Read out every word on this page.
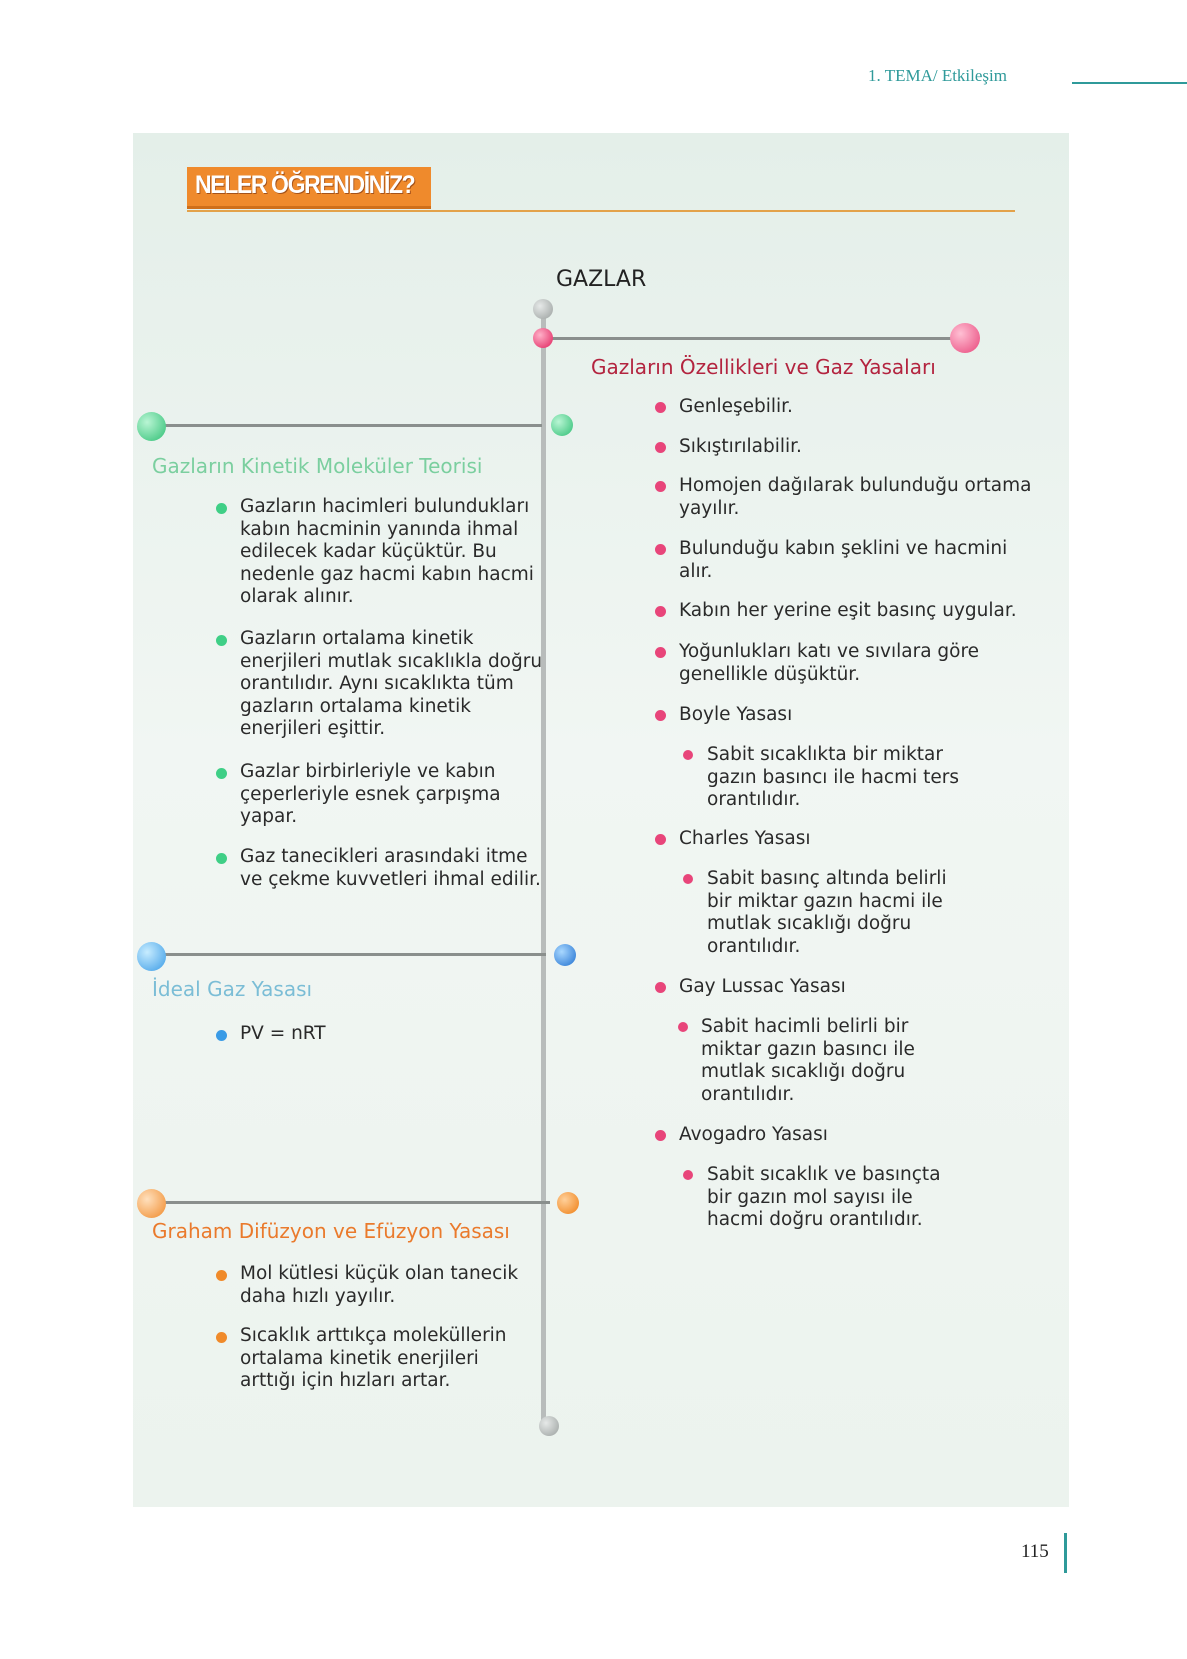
1. TEMA/ Etkileşim
NELER ÖĞRENDİNİZ?
GAZLAR
Gazların Özellikleri ve Gaz Yasaları
Genleşebilir.
Sıkıştırılabilir.
Homojen dağılarak bulunduğu ortama yayılır.
Bulunduğu kabın şeklini ve hacmini alır.
Kabın her yerine eşit basınç uygular.
Yoğunlukları katı ve sıvılara göre genellikle düşüktür.
Boyle Yasası
Sabit sıcaklıkta bir miktar gazın basıncı ile hacmi ters orantılıdır.
Charles Yasası
Sabit basınç altında belirli bir miktar gazın hacmi ile mutlak sıcaklığı doğru orantılıdır.
Gay Lussac Yasası
Sabit hacimli belirli bir miktar gazın basıncı ile mutlak sıcaklığı doğru orantılıdır.
Avogadro Yasası
Sabit sıcaklık ve basınçta bir gazın mol sayısı ile hacmi doğru orantılıdır.
Gazların Kinetik Moleküler Teorisi
Gazların hacimleri bulundukları kabın hacminin yanında ihmal edilecek kadar küçüktür. Bu nedenle gaz hacmi kabın hacmi olarak alınır.
Gazların ortalama kinetik enerjileri mutlak sıcaklıkla doğru orantılıdır. Aynı sıcaklıkta tüm gazların ortalama kinetik enerjileri eşittir.
Gazlar birbirleriyle ve kabın çeperleriyle esnek çarpışma yapar.
Gaz tanecikleri arasındaki itme ve çekme kuvvetleri ihmal edilir.
İdeal Gaz Yasası
PV = nRT
Graham Difüzyon ve Efüzyon Yasası
Mol kütlesi küçük olan tanecik daha hızlı yayılır.
Sıcaklık arttıkça moleküllerin ortalama kinetik enerjileri arttığı için hızları artar.
115
